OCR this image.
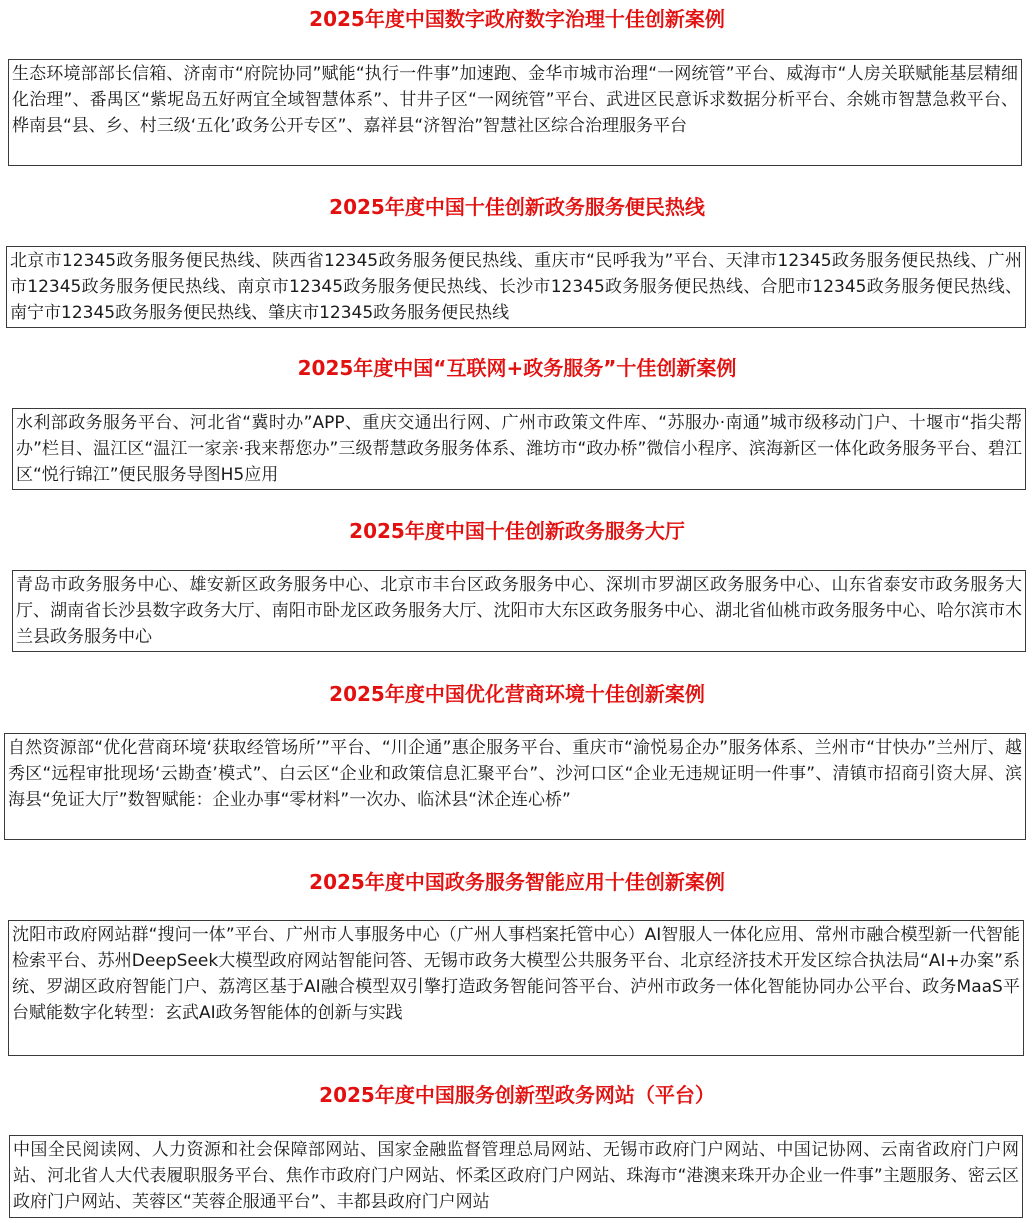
2025年度中国数字政府数字治理十佳创新案例
生态环境部部长信箱、济南市“府院协同”赋能“执行一件事”加速跑、金华市城市治理“一网统管”平台、威海市“人房关联赋能基层精细化治理”、番禺区“紫坭岛五好两宜全域智慧体系”、甘井子区“一网统管”平台、武进区民意诉求数据分析平台、余姚市智慧急救平台、桦南县“县、乡、村三级‘五化’政务公开专区”、嘉祥县“济智治”智慧社区综合治理服务平台
2025年度中国十佳创新政务服务便民热线
北京市12345政务服务便民热线、陕西省12345政务服务便民热线、重庆市“民呼我为”平台、天津市12345政务服务便民热线、广州市12345政务服务便民热线、南京市12345政务服务便民热线、长沙市12345政务服务便民热线、合肥市12345政务服务便民热线、南宁市12345政务服务便民热线、肇庆市12345政务服务便民热线
2025年度中国“互联网+政务服务”十佳创新案例
水利部政务服务平台、河北省“冀时办”APP、重庆交通出行网、广州市政策文件库、“苏服办·南通”城市级移动门户、十堰市“指尖帮办”栏目、温江区“温江一家亲·我来帮您办”三级帮慧政务服务体系、潍坊市“政办桥”微信小程序、滨海新区一体化政务服务平台、碧江区“悦行锦江”便民服务导图H5应用
2025年度中国十佳创新政务服务大厅
青岛市政务服务中心、雄安新区政务服务中心、北京市丰台区政务服务中心、深圳市罗湖区政务服务中心、山东省泰安市政务服务大厅、湖南省长沙县数字政务大厅、南阳市卧龙区政务服务大厅、沈阳市大东区政务服务中心、湖北省仙桃市政务服务中心、哈尔滨市木兰县政务服务中心
2025年度中国优化营商环境十佳创新案例
自然资源部“优化营商环境‘获取经管场所’”平台、“川企通”惠企服务平台、重庆市“渝悦易企办”服务体系、兰州市“甘快办”兰州厅、越秀区“远程审批现场‘云勘查’模式”、白云区“企业和政策信息汇聚平台”、沙河口区“企业无违规证明一件事”、清镇市招商引资大屏、滨海县“免证大厅”数智赋能：企业办事“零材料”一次办、临沭县“沭企连心桥”
2025年度中国政务服务智能应用十佳创新案例
沈阳市政府网站群“搜问一体”平台、广州市人事服务中心（广州人事档案托管中心）AI智服人一体化应用、常州市融合模型新一代智能检索平台、苏州DeepSeek大模型政府网站智能问答、无锡市政务大模型公共服务平台、北京经济技术开发区综合执法局“AI+办案”系统、罗湖区政府智能门户、荔湾区基于AI融合模型双引擎打造政务智能问答平台、泸州市政务一体化智能协同办公平台、政务MaaS平台赋能数字化转型：玄武AI政务智能体的创新与实践
2025年度中国服务创新型政务网站（平台）
中国全民阅读网、人力资源和社会保障部网站、国家金融监督管理总局网站、无锡市政府门户网站、中国记协网、云南省政府门户网站、河北省人大代表履职服务平台、焦作市政府门户网站、怀柔区政府门户网站、珠海市“港澳来珠开办企业一件事”主题服务、密云区政府门户网站、芙蓉区“芙蓉企服通平台”、丰都县政府门户网站
